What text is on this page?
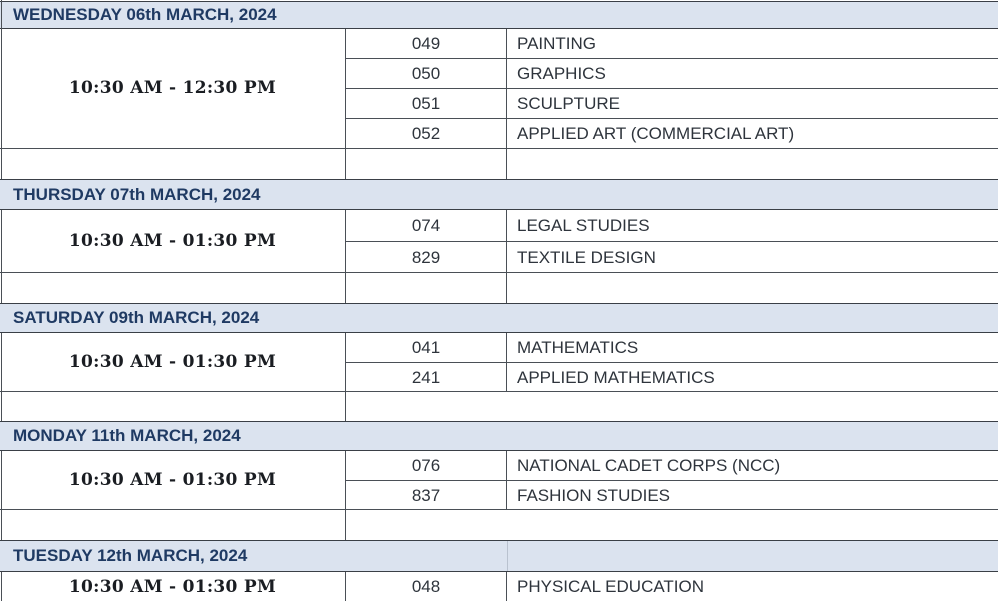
WEDNESDAY 06th MARCH, 2024
10:30 AM - 12:30 PM
049	PAINTING
050	GRAPHICS
051	SCULPTURE
052	APPLIED ART (COMMERCIAL ART)
THURSDAY 07th MARCH, 2024
10:30 AM - 01:30 PM
074	LEGAL STUDIES
829	TEXTILE DESIGN
SATURDAY 09th MARCH, 2024
10:30 AM - 01:30 PM
041	MATHEMATICS
241	APPLIED MATHEMATICS
MONDAY 11th MARCH, 2024
10:30 AM - 01:30 PM
076	NATIONAL CADET CORPS (NCC)
837	FASHION STUDIES
TUESDAY 12th MARCH, 2024
10:30 AM - 01:30 PM	048	PHYSICAL EDUCATION
